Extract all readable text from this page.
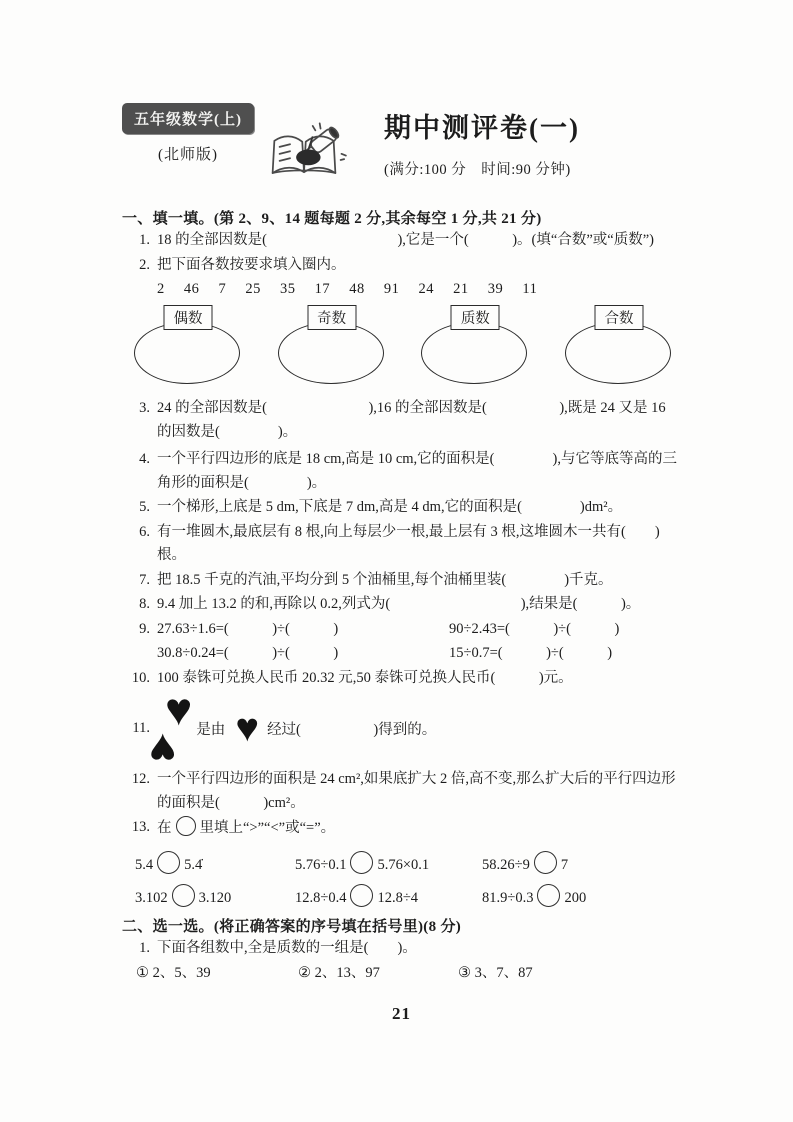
五年级数学(上)
(北师版)
期中测评卷(一)
(满分:100 分　时间:90 分钟)
一、填一填。(第 2、9、14 题每题 2 分,其余每空 1 分,共 21 分)
1. 18 的全部因数是(　　　　　　　　　),它是一个(　　　)。(填“合数”或“质数”)
2. 把下面各数按要求填入圈内。
2 46 7 25 35 17 48 91 24 21 39 11
偶数	奇数	质数	合数
3. 24 的全部因数是(　　　　　　　),16 的全部因数是(　　　　　),既是 24 又是 16 的因数是(　　　　)。
4. 一个平行四边形的底是 18 cm,高是 10 cm,它的面积是(　　　　),与它等底等高的三角形的面积是(　　　　)。
5. 一个梯形,上底是 5 dm,下底是 7 dm,高是 4 dm,它的面积是(　　　　)dm²。
6. 有一堆圆木,最底层有 8 根,向上每层少一根,最上层有 3 根,这堆圆木一共有(　　)根。
7. 把 18.5 千克的汽油,平均分到 5 个油桶里,每个油桶里装(　　　　)千克。
8. 9.4 加上 13.2 的和,再除以 0.2,列式为(　　　　　　　　　),结果是(　　　)。
9. 27.63÷1.6=(　　　)÷(　　　)	90÷2.43=(　　　)÷(　　　)
30.8÷0.24=(　　　)÷(　　　)	15÷0.7=(　　　)÷(　　　)
10. 100 泰铢可兑换人民币 20.32 元,50 泰铢可兑换人民币(　　　)元。
11. ♥
♥ 是由 ♥ 经过(　　　　　)得到的。
12. 一个平行四边形的面积是 24 cm²,如果底扩大 2 倍,高不变,那么扩大后的平行四边形的面积是(　　　)cm²。
13. 在 里填上“>”“<”或“=”。
5.4 5.4̇	5.76÷0.1 5.76×0.1	58.26÷9 7
3.102 3.120	12.8÷0.4 12.8÷4	81.9÷0.3 200
二、选一选。(将正确答案的序号填在括号里)(8 分)
1. 下面各组数中,全是质数的一组是(　　)。
① 2、5、39	② 2、13、97	③ 3、7、87
21
